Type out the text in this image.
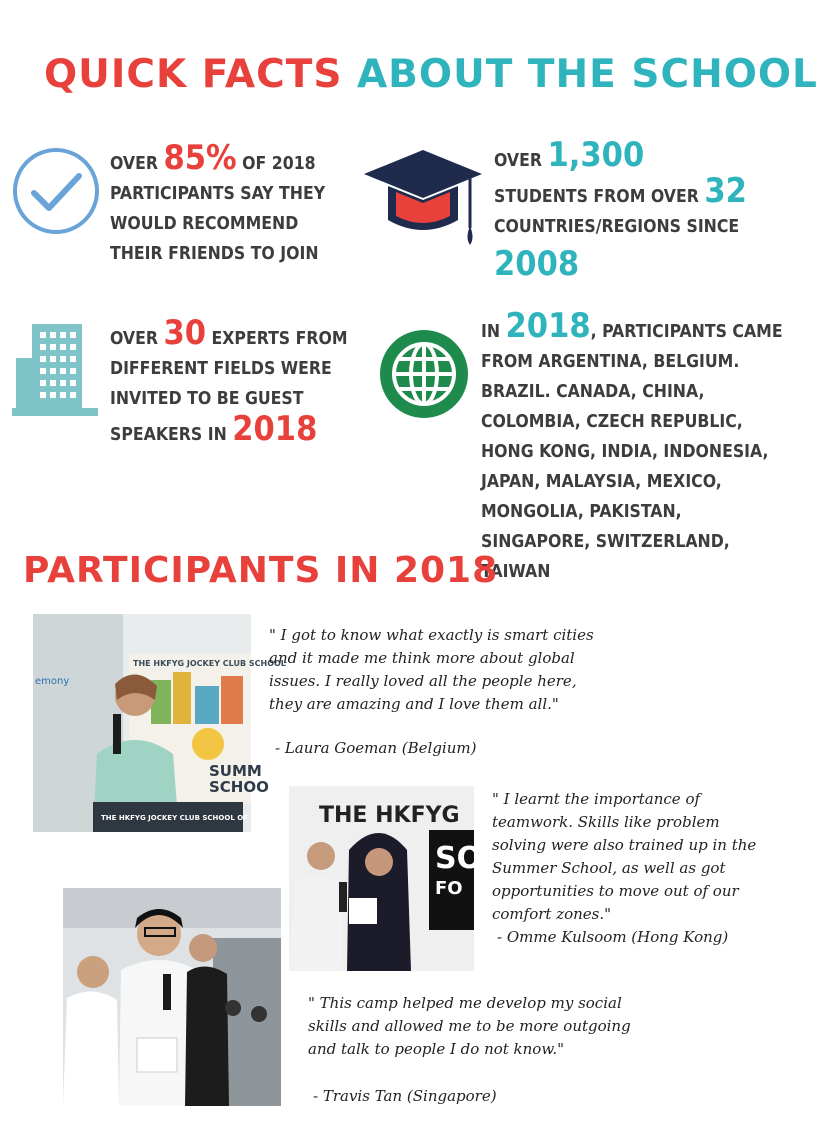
QUICK FACTS ABOUT THE SCHOOL
OVER 85% OF 2018
PARTICIPANTS SAY THEY WOULD RECOMMEND THEIR FRIENDS TO JOIN
OVER 1,300
STUDENTS FROM OVER 32
COUNTRIES/REGIONS SINCE
2008
OVER 30 EXPERTS FROM
DIFFERENT FIELDS WERE INVITED TO BE GUEST SPEAKERS IN 2018
IN 2018, PARTICIPANTS CAME
FROM ARGENTINA, BELGIUM. BRAZIL. CANADA, CHINA, COLOMBIA, CZECH REPUBLIC, HONG KONG, INDIA, INDONESIA, JAPAN, MALAYSIA, MEXICO, MONGOLIA, PAKISTAN, SINGAPORE, SWITZERLAND, TAIWAN
PARTICIPANTS IN 2018
THE HKFYG JOCKEY CLUB SCHOOL
SUMM
SCHOO
emony
THE HKFYG JOCKEY CLUB SCHOOL OF
" I got to know what exactly is smart cities and it made me think more about global issues. I really loved all the people here, they are amazing and I love them all."
- Laura Goeman (Belgium)
THE HKFYG
SO
FO
" I learnt the importance of teamwork. Skills like problem solving were also trained up in the Summer School, as well as got opportunities to move out of our comfort zones."
- Omme Kulsoom (Hong Kong)
" This camp helped me develop my social skills and allowed me to be more outgoing and talk to people I do not know."
- Travis Tan (Singapore)
